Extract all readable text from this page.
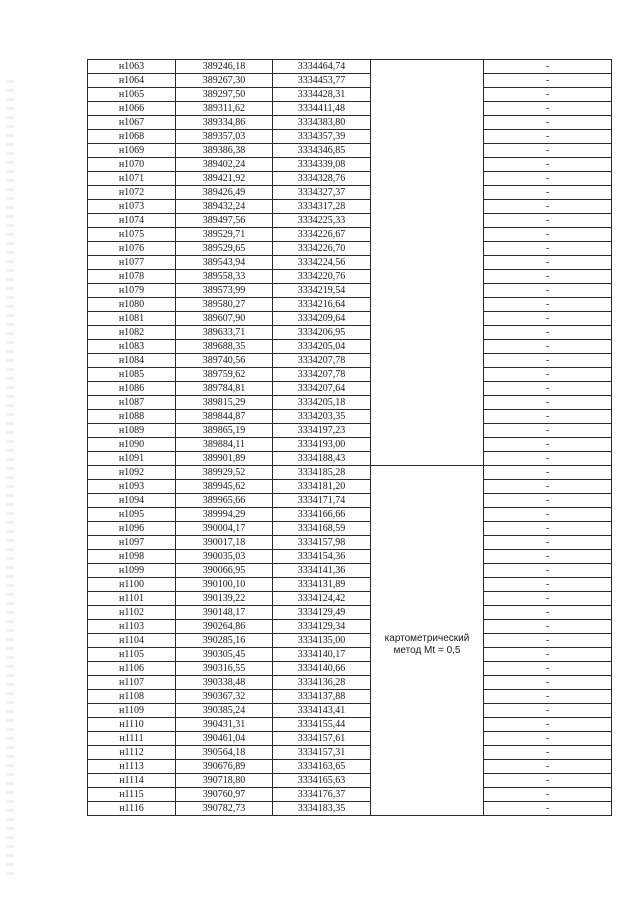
н1063	389246,18	3334464,74		-
н1064	389267,30	3334453,77		-
н1065	389297,50	3334428,31		-
н1066	389311,62	3334411,48		-
н1067	389334,86	3334383,80		-
н1068	389357,03	3334357,39		-
н1069	389386,38	3334346,85		-
н1070	389402,24	3334339,08		-
н1071	389421,92	3334328,76		-
н1072	389426,49	3334327,37		-
н1073	389432,24	3334317,28		-
н1074	389497,56	3334225,33		-
н1075	389529,71	3334226,67		-
н1076	389529,65	3334226,70		-
н1077	389543,94	3334224,56		-
н1078	389558,33	3334220,76		-
н1079	389573,99	3334219,54		-
н1080	389580,27	3334216,64		-
н1081	389607,90	3334209,64		-
н1082	389633,71	3334206,95		-
н1083	389688,35	3334205,04		-
н1084	389740,56	3334207,78		-
н1085	389759,62	3334207,78		-
н1086	389784,81	3334207,64		-
н1087	389815,29	3334205,18		-
н1088	389844,87	3334203,35		-
н1089	389865,19	3334197,23		-
н1090	389884,11	3334193,00		-
н1091	389901,89	3334188,43		-
н1092	389929,52	3334185,28	картометрический метод Mt = 0,5	-
н1093	389945,62	3334181,20		-
н1094	389965,66	3334171,74		-
н1095	389994,29	3334166,66		-
н1096	390004,17	3334168,59		-
н1097	390017,18	3334157,98		-
н1098	390035,03	3334154,36		-
н1099	390066,95	3334141,36		-
н1100	390100,10	3334131,89		-
н1101	390139,22	3334124,42		-
н1102	390148,17	3334129,49		-
н1103	390264,86	3334129,34		-
н1104	390285,16	3334135,00		-
н1105	390305,45	3334140,17		-
н1106	390316,55	3334140,66		-
н1107	390338,48	3334136,28		-
н1108	390367,32	3334137,88		-
н1109	390385,24	3334143,41		-
н1110	390431,31	3334155,44		-
н1111	390461,04	3334157,61		-
н1112	390564,18	3334157,31		-
н1113	390676,89	3334163,65		-
н1114	390718,80	3334165,63		-
н1115	390760,97	3334176,37		-
н1116	390782,73	3334183,35		-
